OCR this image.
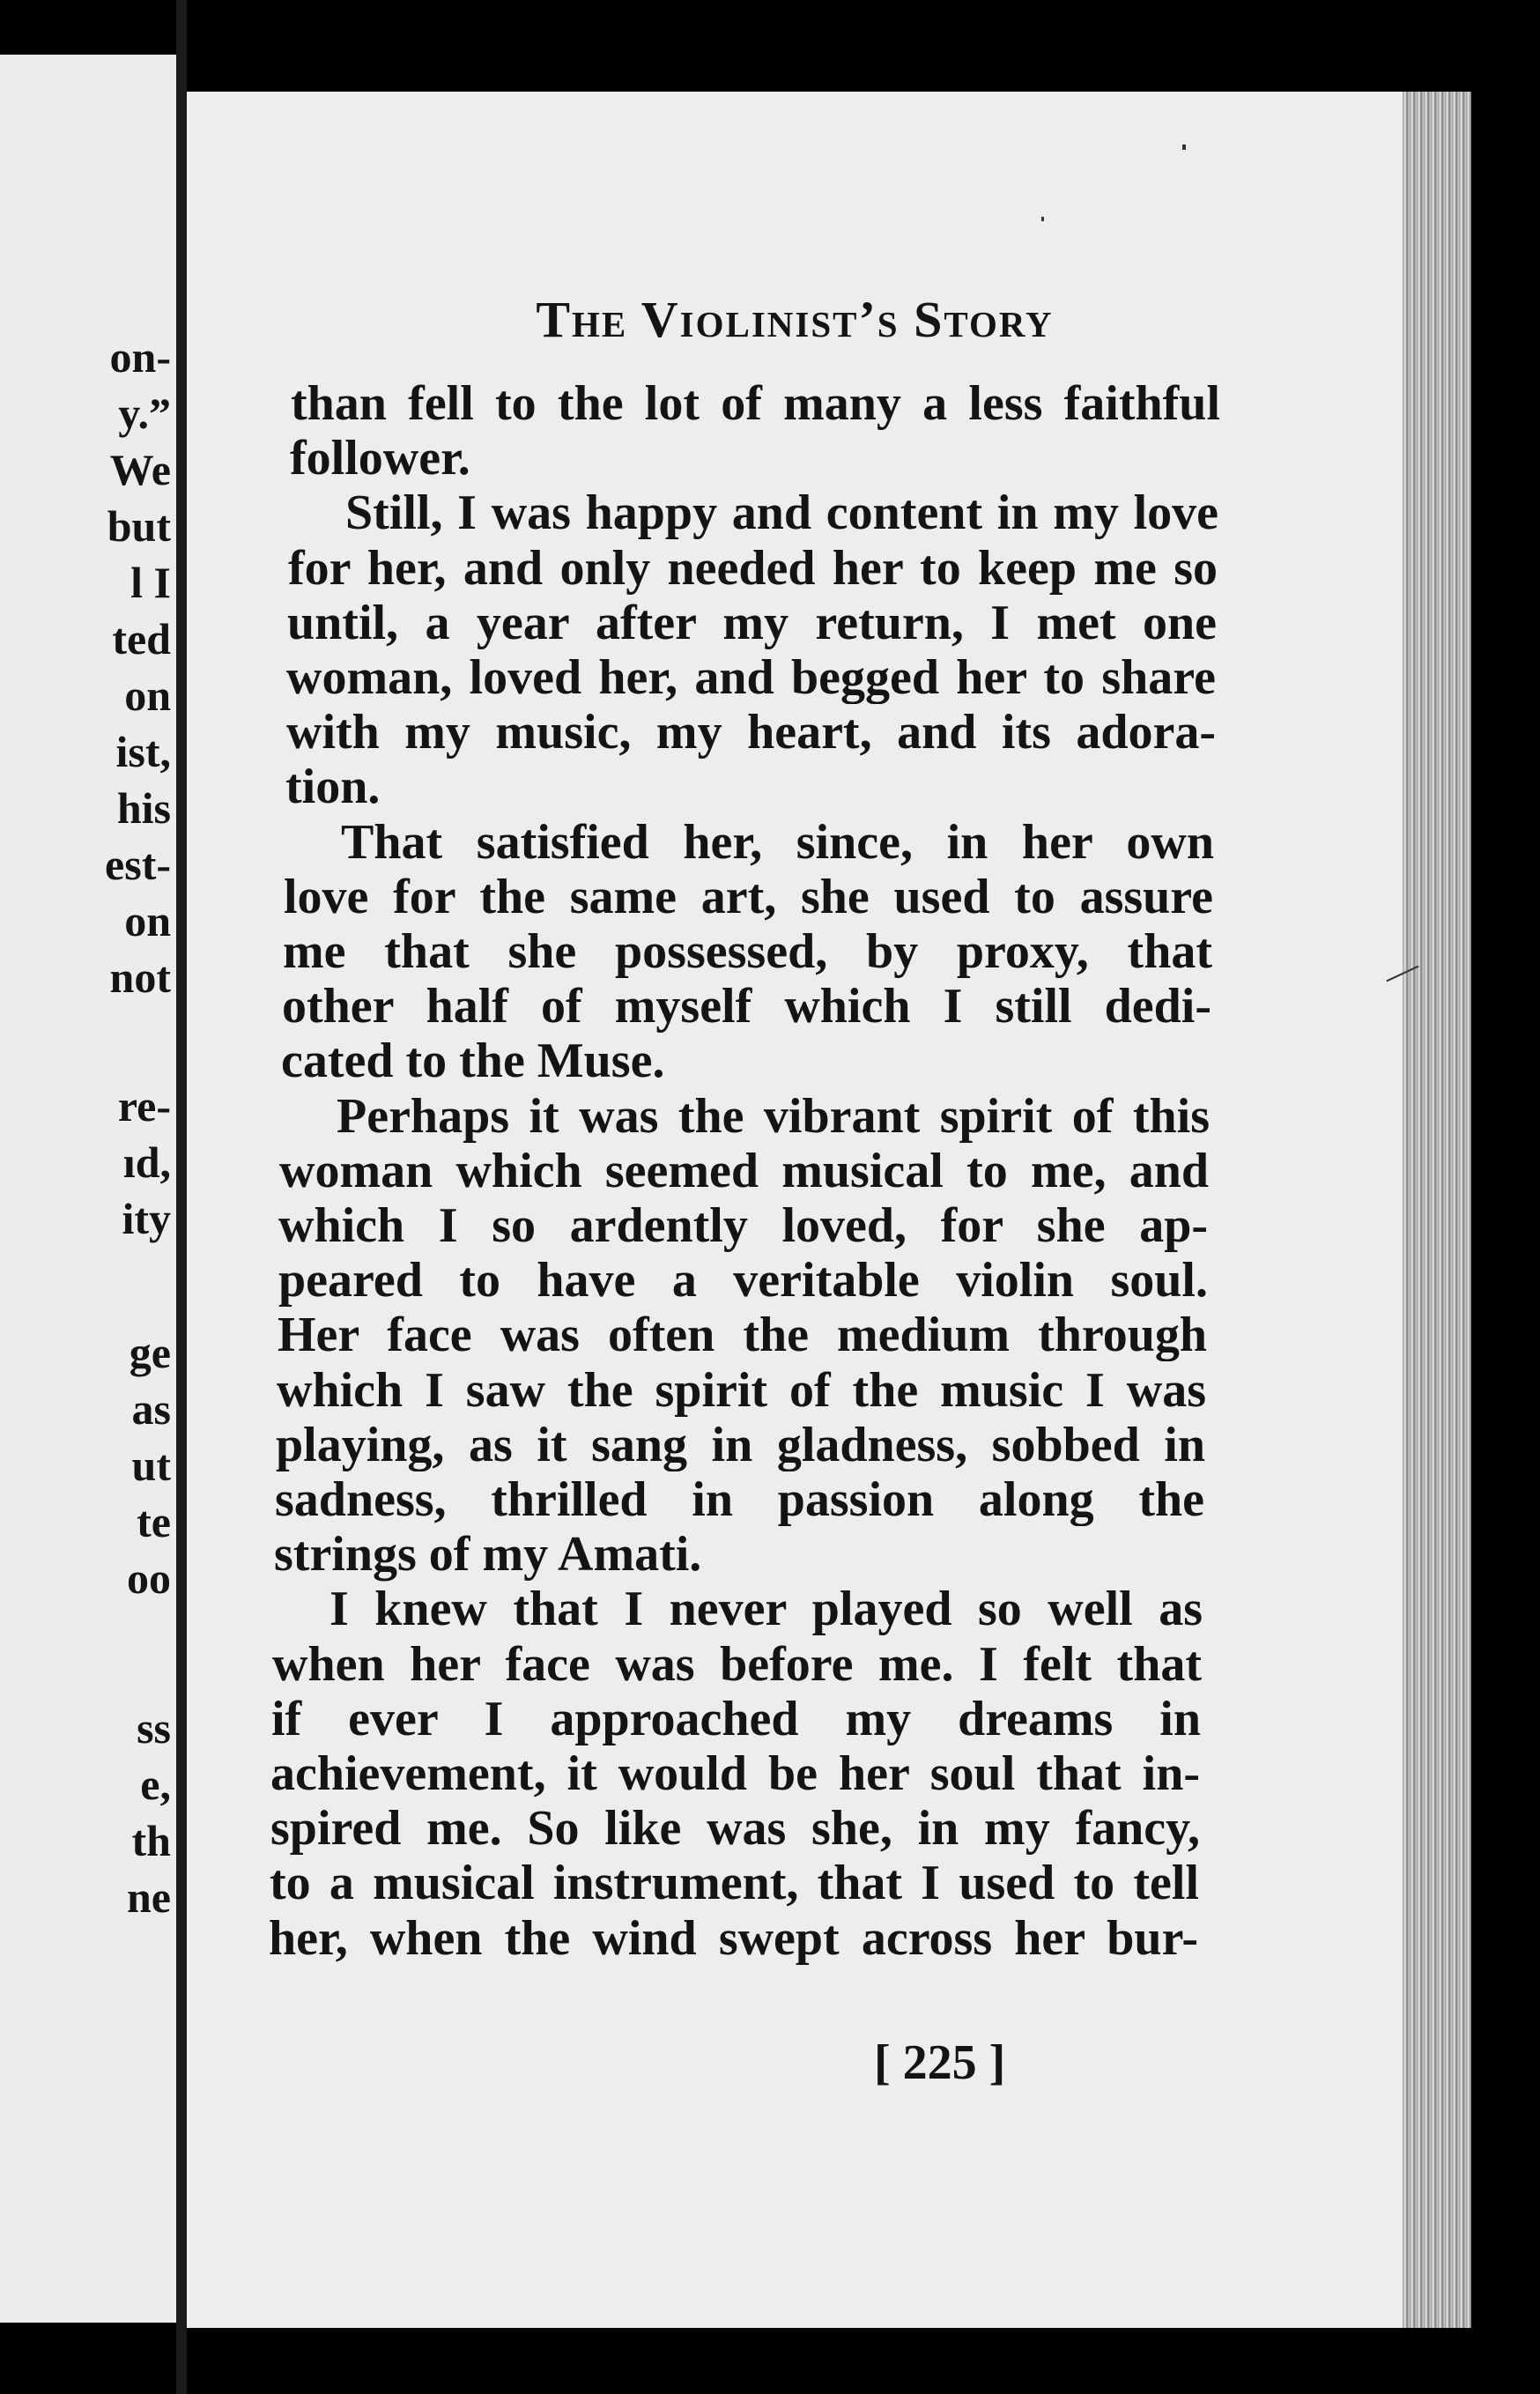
on-
y.”
We
but
l I
ted
on
ist,
his
est-
on
not
re-
ıd,
ity
ge
as
ut
te
oo
ss
e,
th
ne
The Violinist’s Story
than fell to the lot of many a less faithful
follower.
Still, I was happy and content in my love
for her, and only needed her to keep me so
until, a year after my return, I met one
woman, loved her, and begged her to share
with my music, my heart, and its adora-
tion.
That satisfied her, since, in her own
love for the same art, she used to assure
me that she possessed, by proxy, that
other half of myself which I still dedi-
cated to the Muse.
Perhaps it was the vibrant spirit of this
woman which seemed musical to me, and
which I so ardently loved, for she ap-
peared to have a veritable violin soul.
Her face was often the medium through
which I saw the spirit of the music I was
playing, as it sang in gladness, sobbed in
sadness, thrilled in passion along the
strings of my Amati.
I knew that I never played so well as
when her face was before me. I felt that
if ever I approached my dreams in
achievement, it would be her soul that in-
spired me. So like was she, in my fancy,
to a musical instrument, that I used to tell
her, when the wind swept across her bur-
[ 225 ]
